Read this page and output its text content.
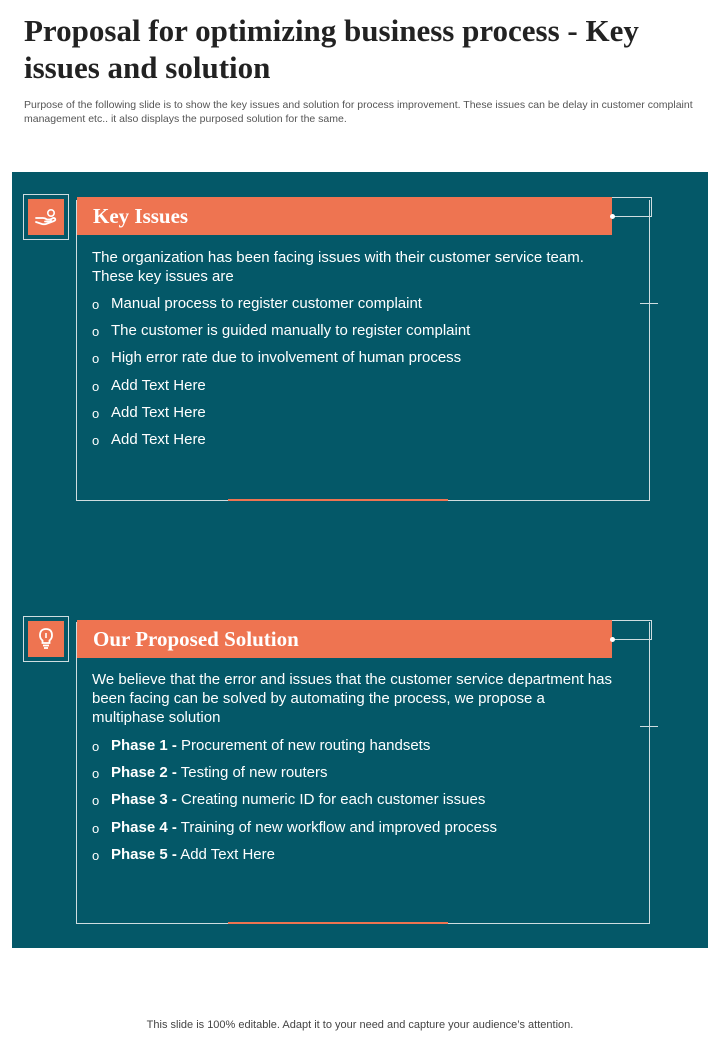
Proposal for optimizing business process - Key issues and solution

Purpose of the following slide is to show the key issues and solution for process improvement. These issues can be delay in customer complaint management etc.. it also displays the purposed solution for the same.

Key Issues

The organization has been facing issues with their customer service team. These key issues are

o Manual process to register customer complaint
o The customer is guided manually to register complaint
o High error rate due to involvement of human process
o Add Text Here
o Add Text Here
o Add Text Here
Our Proposed Solution

We believe that the error and issues that the customer service department has been facing can be solved by automating the process, we propose a multiphase solution

o Phase 1 - Procurement of new routing handsets
o Phase 2 - Testing of new routers
o Phase 3 - Creating numeric ID for each customer issues
o Phase 4 - Training of new workflow and improved process
o Phase 5 - Add Text Here

This slide is 100% editable. Adapt it to your need and capture your audience’s attention.
